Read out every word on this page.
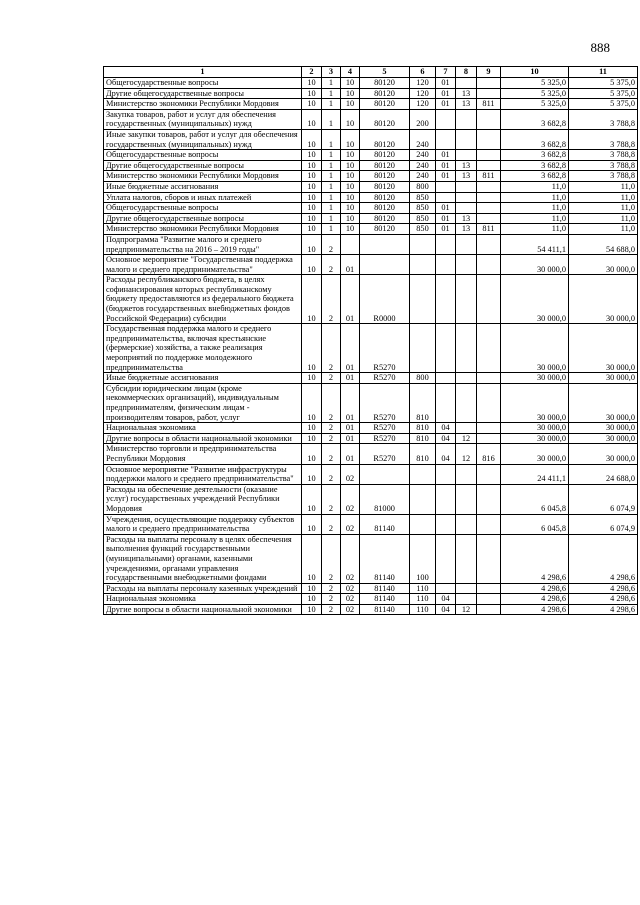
888
1	2	3	4	5	6	7	8	9	10	11
Общегосударственные вопросы	10	1	10	80120	120	01			5 325,0	5 375,0
Другие общегосударственные вопросы	10	1	10	80120	120	01	13		5 325,0	5 375,0
Министерство экономики Республики Мордовия	10	1	10	80120	120	01	13	811	5 325,0	5 375,0
Закупка товаров, работ и услуг для обеспечения государственных (муниципальных) нужд	10	1	10	80120	200				3 682,8	3 788,8
Иные закупки товаров, работ и услуг для обеспечения государственных (муниципальных) нужд	10	1	10	80120	240				3 682,8	3 788,8
Общегосударственные вопросы	10	1	10	80120	240	01			3 682,8	3 788,8
Другие общегосударственные вопросы	10	1	10	80120	240	01	13		3 682,8	3 788,8
Министерство экономики Республики Мордовия	10	1	10	80120	240	01	13	811	3 682,8	3 788,8
Иные бюджетные ассигнования	10	1	10	80120	800				11,0	11,0
Уплата налогов, сборов и иных платежей	10	1	10	80120	850				11,0	11,0
Общегосударственные вопросы	10	1	10	80120	850	01			11,0	11,0
Другие общегосударственные вопросы	10	1	10	80120	850	01	13		11,0	11,0
Министерство экономики Республики Мордовия	10	1	10	80120	850	01	13	811	11,0	11,0
Подпрограмма "Развитие малого и среднего предпринимательства на 2016 – 2019 годы"	10	2							54 411,1	54 688,0
Основное мероприятие "Государственная поддержка малого и среднего предпринимательства"	10	2	01						30 000,0	30 000,0
Расходы республиканского бюджета, в целях софинансирования которых республиканскому бюджету предоставляются из федерального бюджета (бюджетов государственных внебюджетных фондов Российской Федерации) субсидии	10	2	01	R0000					30 000,0	30 000,0
Государственная поддержка малого и среднего предпринимательства, включая крестьянские (фермерские) хозяйства, а также реализация мероприятий по поддержке молодежного предпринимательства	10	2	01	R5270					30 000,0	30 000,0
Иные бюджетные ассигнования	10	2	01	R5270	800				30 000,0	30 000,0
Субсидии юридическим лицам (кроме некоммерческих организаций), индивидуальным предпринимателям, физическим лицам - производителям товаров, работ, услуг	10	2	01	R5270	810				30 000,0	30 000,0
Национальная экономика	10	2	01	R5270	810	04			30 000,0	30 000,0
Другие вопросы в области национальной экономики	10	2	01	R5270	810	04	12		30 000,0	30 000,0
Министерство торговли и предпринимательства Республики Мордовия	10	2	01	R5270	810	04	12	816	30 000,0	30 000,0
Основное мероприятие "Развитие инфраструктуры поддержки малого и среднего предпринимательства"	10	2	02						24 411,1	24 688,0
Расходы на обеспечение деятельности (оказание услуг) государственных учреждений Республики Мордовия	10	2	02	81000					6 045,8	6 074,9
Учреждения, осуществляющие поддержку субъектов малого и среднего предпринимательства	10	2	02	81140					6 045,8	6 074,9
Расходы на выплаты персоналу в целях обеспечения выполнения функций государственными (муниципальными) органами, казенными учреждениями, органами управления государственными внебюджетными фондами	10	2	02	81140	100				4 298,6	4 298,6
Расходы на выплаты персоналу казенных учреждений	10	2	02	81140	110				4 298,6	4 298,6
Национальная экономика	10	2	02	81140	110	04			4 298,6	4 298,6
Другие вопросы в области национальной экономики	10	2	02	81140	110	04	12		4 298,6	4 298,6
